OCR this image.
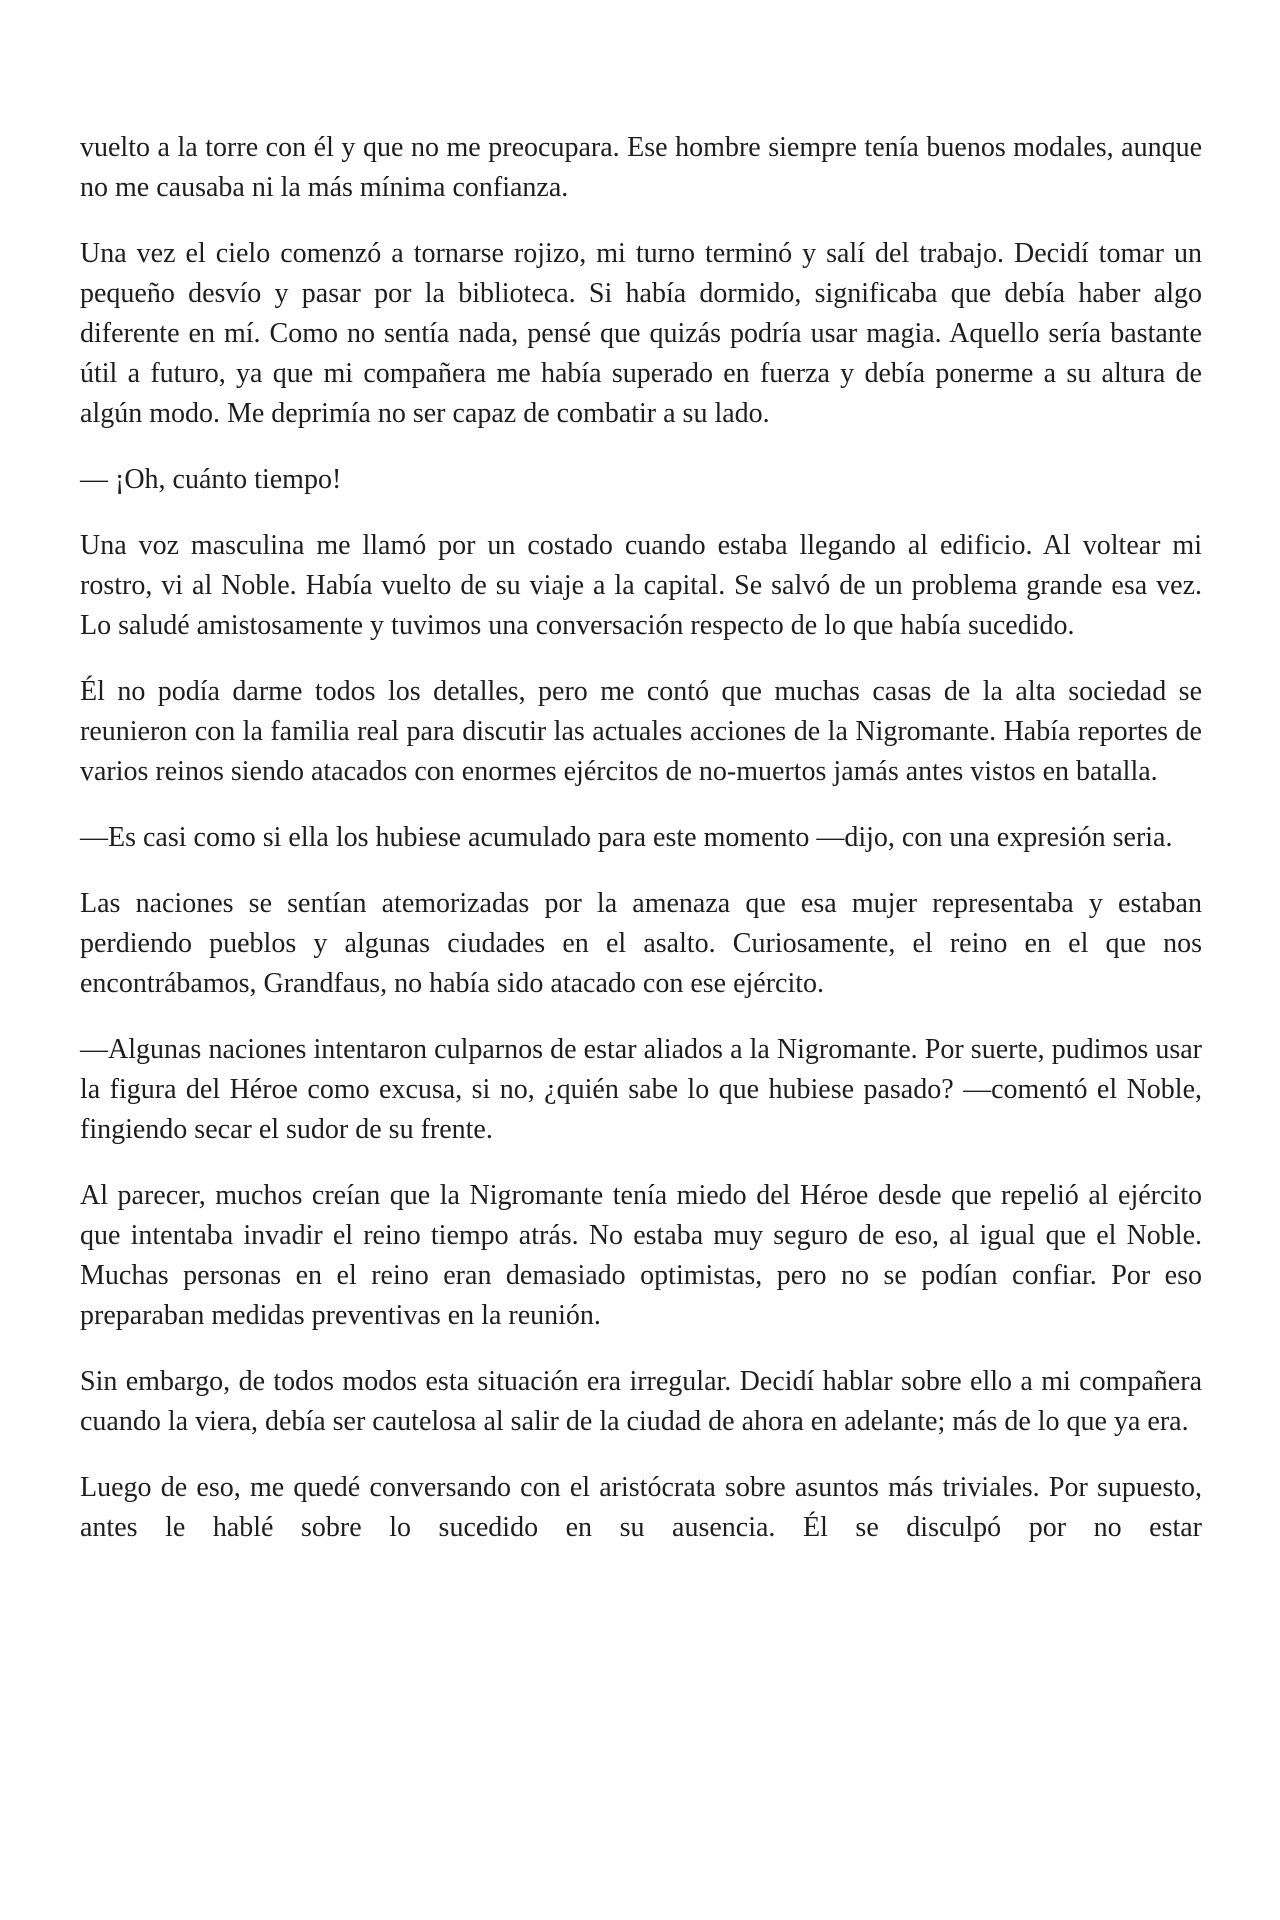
vuelto a la torre con él y que no me preocupara. Ese hombre siempre tenía buenos modales, aunque no me causaba ni la más mínima confianza.

Una vez el cielo comenzó a tornarse rojizo, mi turno terminó y salí del trabajo. Decidí tomar un pequeño desvío y pasar por la biblioteca. Si había dormido, significaba que debía haber algo diferente en mí. Como no sentía nada, pensé que quizás podría usar magia. Aquello sería bastante útil a futuro, ya que mi compañera me había superado en fuerza y debía ponerme a su altura de algún modo. Me deprimía no ser capaz de combatir a su lado.

— ¡Oh, cuánto tiempo!

Una voz masculina me llamó por un costado cuando estaba llegando al edificio. Al voltear mi rostro, vi al Noble. Había vuelto de su viaje a la capital. Se salvó de un problema grande esa vez. Lo saludé amistosamente y tuvimos una conversación respecto de lo que había sucedido.

Él no podía darme todos los detalles, pero me contó que muchas casas de la alta sociedad se reunieron con la familia real para discutir las actuales acciones de la Nigromante. Había reportes de varios reinos siendo atacados con enormes ejércitos de no-muertos jamás antes vistos en batalla.

—Es casi como si ella los hubiese acumulado para este momento —dijo, con una expresión seria.

Las naciones se sentían atemorizadas por la amenaza que esa mujer representaba y estaban perdiendo pueblos y algunas ciudades en el asalto. Curiosamente, el reino en el que nos encontrábamos, Grandfaus, no había sido atacado con ese ejército.

—Algunas naciones intentaron culparnos de estar aliados a la Nigromante. Por suerte, pudimos usar la figura del Héroe como excusa, si no, ¿quién sabe lo que hubiese pasado? —comentó el Noble, fingiendo secar el sudor de su frente.

Al parecer, muchos creían que la Nigromante tenía miedo del Héroe desde que repelió al ejército que intentaba invadir el reino tiempo atrás. No estaba muy seguro de eso, al igual que el Noble. Muchas personas en el reino eran demasiado optimistas, pero no se podían confiar. Por eso preparaban medidas preventivas en la reunión.

Sin embargo, de todos modos esta situación era irregular. Decidí hablar sobre ello a mi compañera cuando la viera, debía ser cautelosa al salir de la ciudad de ahora en adelante; más de lo que ya era.

Luego de eso, me quedé conversando con el aristócrata sobre asuntos más triviales. Por supuesto, antes le hablé sobre lo sucedido en su ausencia. Él se disculpó por no estar
